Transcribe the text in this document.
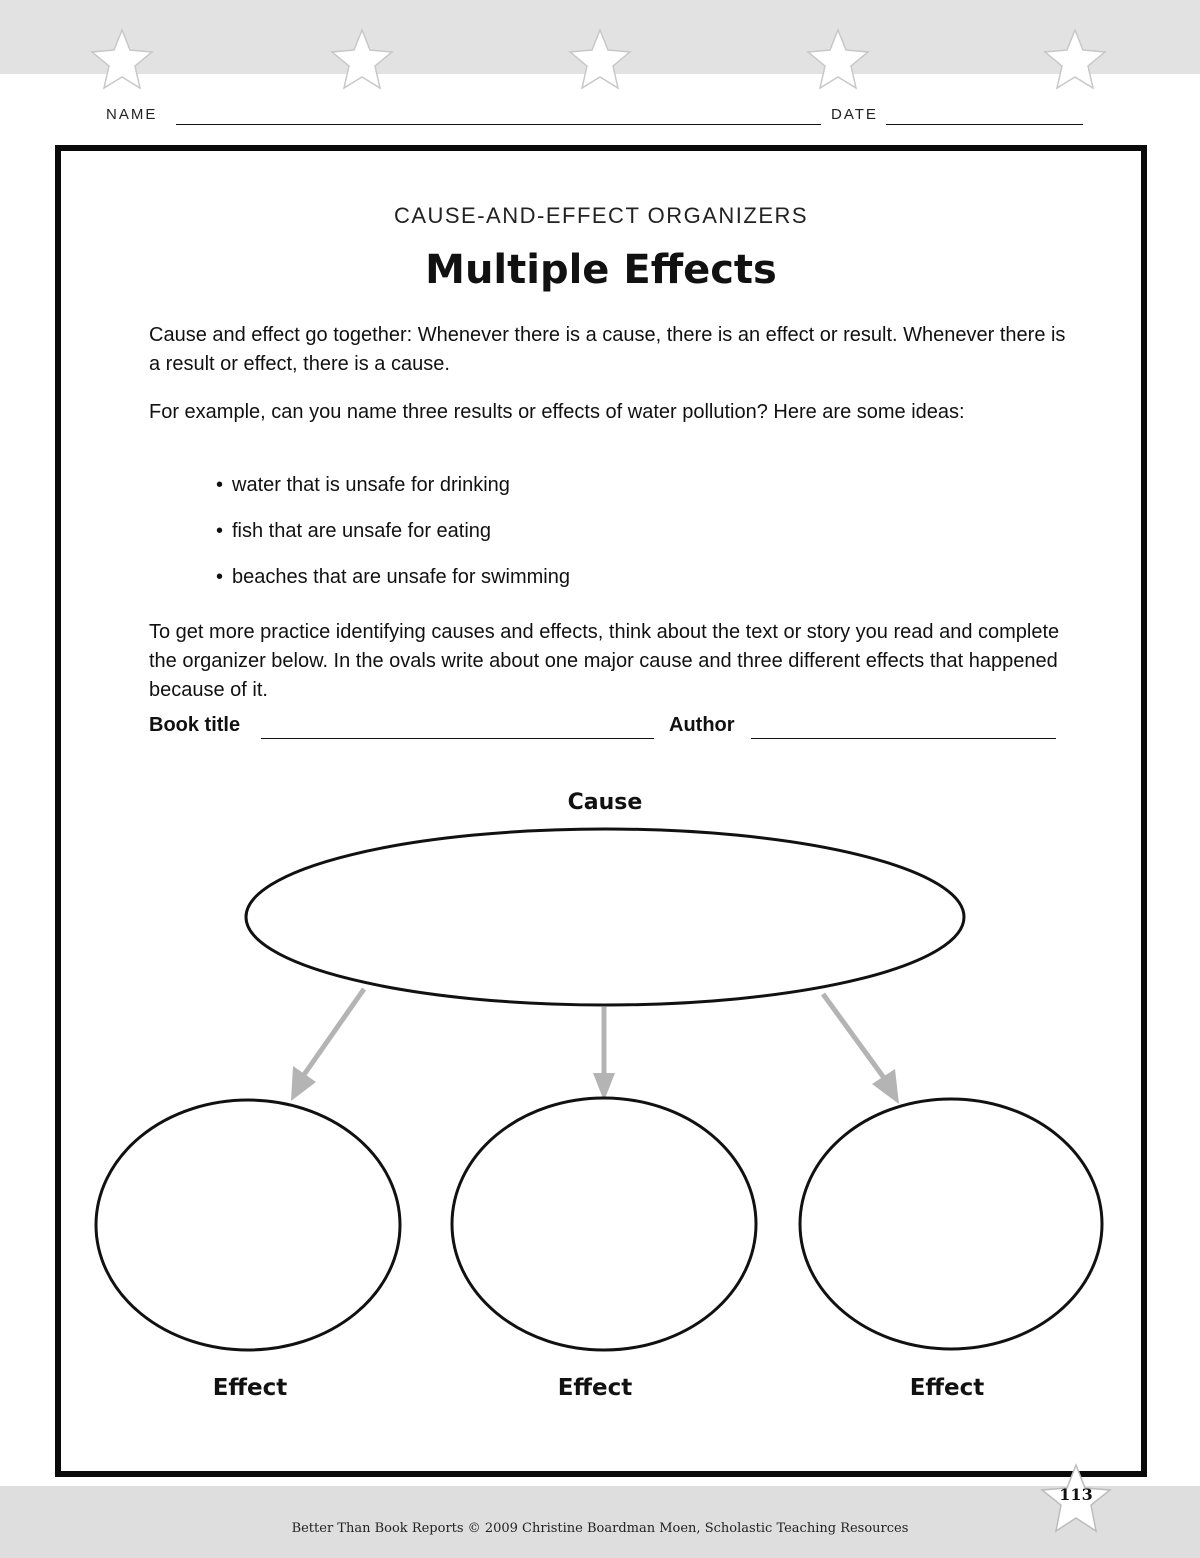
NAME	DATE
CAUSE-AND-EFFECT ORGANIZERS
Multiple Effects

Cause and effect go together: Whenever there is a cause, there is an effect or result. Whenever there is a result or effect, there is a cause.

For example, can you name three results or effects of water pollution? Here are some ideas:

• water that is unsafe for drinking
• fish that are unsafe for eating
• beaches that are unsafe for swimming

To get more practice identifying causes and effects, think about the text or story you read and complete the organizer below. In the ovals write about one major cause and three different effects that happened because of it.

Book title	Author
Cause
Effect	Effect	Effect
113
Better Than Book Reports © 2009 Christine Boardman Moen, Scholastic Teaching Resources
